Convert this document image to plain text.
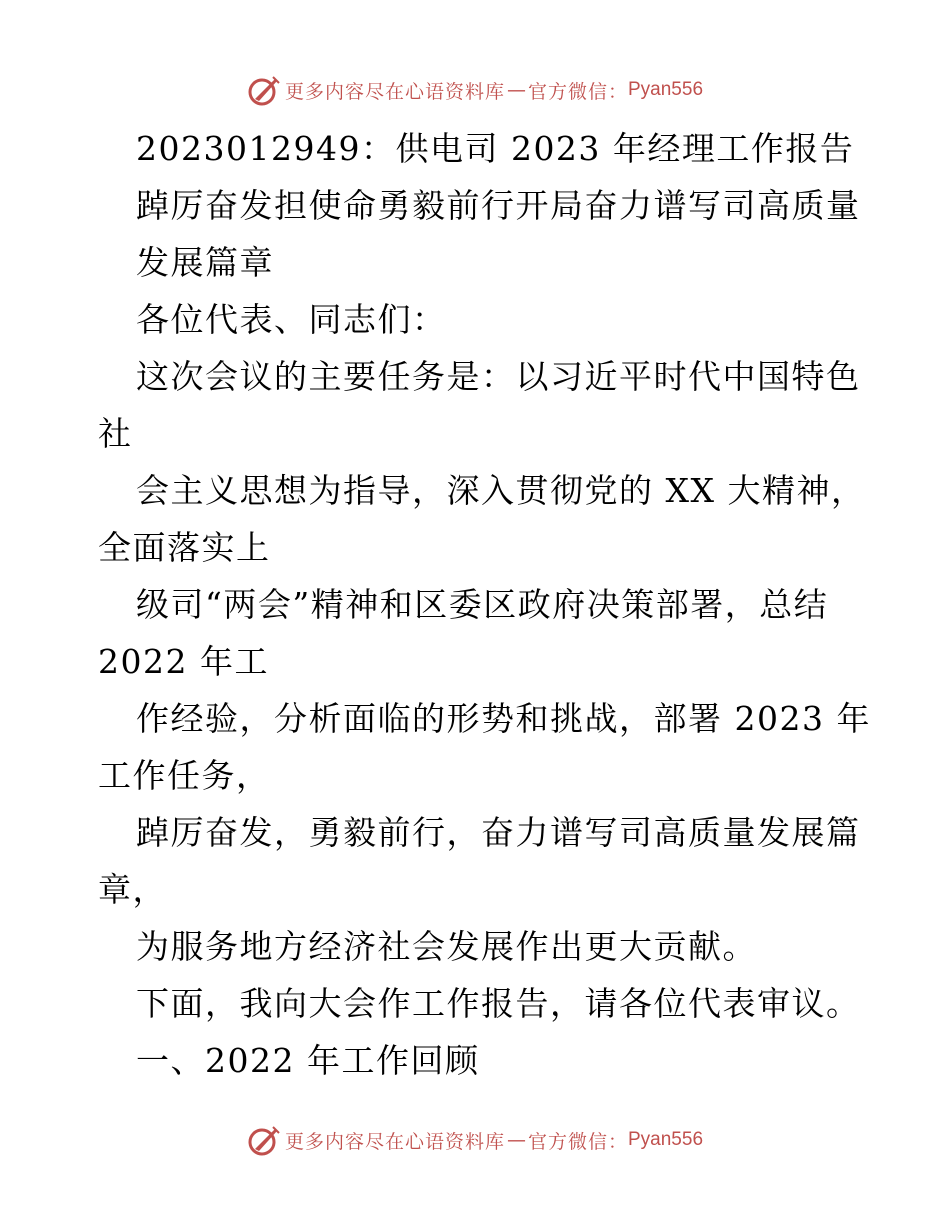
更多内容尽在心语资料库 — 官方微信： Pyan556
2023012949：供电司 2023 年经理工作报告
踔厉奋发担使命勇毅前行开局奋力谱写司高质量
发展篇章
各位代表、同志们：
这次会议的主要任务是：以习近平时代中国特色
社
会主义思想为指导，深入贯彻党的 XX 大精神，
全面落实上
级司“两会”精神和区委区政府决策部署，总结
2022 年工
作经验，分析面临的形势和挑战，部署 2023 年
工作任务，
踔厉奋发，勇毅前行，奋力谱写司高质量发展篇
章，
为服务地方经济社会发展作出更大贡献。
下面，我向大会作工作报告，请各位代表审议。
一、2022 年工作回顾
更多内容尽在心语资料库 — 官方微信： Pyan556
